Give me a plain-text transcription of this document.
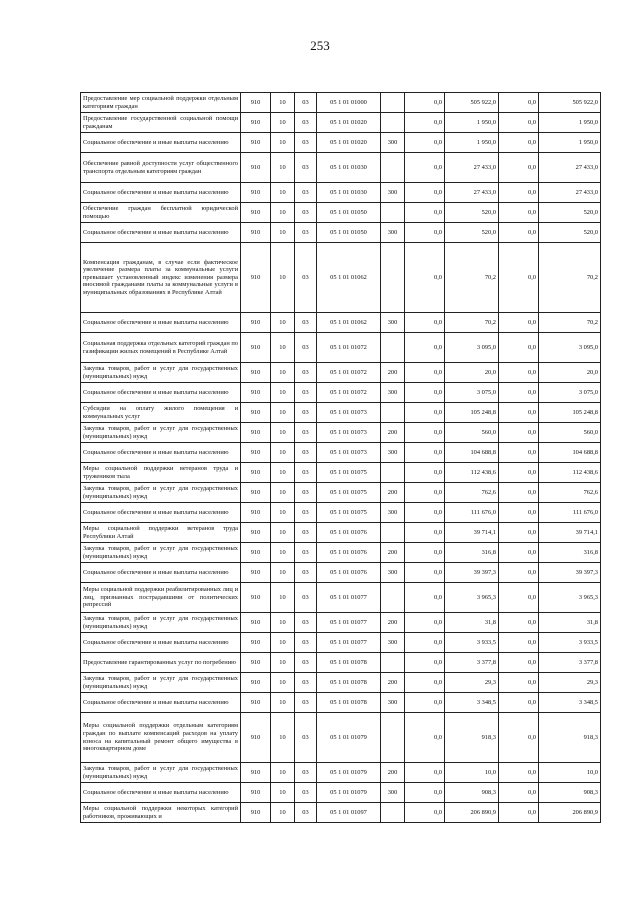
253
Предоставление мер социальной поддержки отдельным категориям граждан	910	10	03	05 1 01 01000		0,0	505 922,0	0,0	505 922,0
Предоставление государственной социальной помощи гражданам	910	10	03	05 1 01 01020		0,0	1 950,0	0,0	1 950,0
Социальное обеспечение и иные выплаты населению	910	10	03	05 1 01 01020	300	0,0	1 950,0	0,0	1 950,0
Обеспечение равной доступности услуг общественного транспорта отдельным категориям граждан	910	10	03	05 1 01 01030		0,0	27 433,0	0,0	27 433,0
Социальное обеспечение и иные выплаты населению	910	10	03	05 1 01 01030	300	0,0	27 433,0	0,0	27 433,0
Обеспечение граждан бесплатной юридической помощью	910	10	03	05 1 01 01050		0,0	520,0	0,0	520,0
Социальное обеспечение и иные выплаты населению	910	10	03	05 1 01 01050	300	0,0	520,0	0,0	520,0
Компенсация гражданам, в случае если фактическое увеличение размера платы за коммунальные услуги превышает установленный индекс изменения размера вносимой гражданами платы за коммунальные услуги в муниципальных образованиях в Республике Алтай	910	10	03	05 1 01 01062		0,0	70,2	0,0	70,2
Социальное обеспечение и иные выплаты населению	910	10	03	05 1 01 01062	300	0,0	70,2	0,0	70,2
Социальная поддержка отдельных категорий граждан по газификации жилых помещений в Республике Алтай	910	10	03	05 1 01 01072		0,0	3 095,0	0,0	3 095,0
Закупка товаров, работ и услуг для государственных (муниципальных) нужд	910	10	03	05 1 01 01072	200	0,0	20,0	0,0	20,0
Социальное обеспечение и иные выплаты населению	910	10	03	05 1 01 01072	300	0,0	3 075,0	0,0	3 075,0
Субсидии на оплату жилого помещения и коммунальных услуг	910	10	03	05 1 01 01073		0,0	105 248,8	0,0	105 248,8
Закупка товаров, работ и услуг для государственных (муниципальных) нужд	910	10	03	05 1 01 01073	200	0,0	560,0	0,0	560,0
Социальное обеспечение и иные выплаты населению	910	10	03	05 1 01 01073	300	0,0	104 688,8	0,0	104 688,8
Меры социальной поддержки ветеранов труда и тружеников тыла	910	10	03	05 1 01 01075		0,0	112 438,6	0,0	112 438,6
Закупка товаров, работ и услуг для государственных (муниципальных) нужд	910	10	03	05 1 01 01075	200	0,0	762,6	0,0	762,6
Социальное обеспечение и иные выплаты населению	910	10	03	05 1 01 01075	300	0,0	111 676,0	0,0	111 676,0
Меры социальной поддержки ветеранов труда Республики Алтай	910	10	03	05 1 01 01076		0,0	39 714,1	0,0	39 714,1
Закупка товаров, работ и услуг для государственных (муниципальных) нужд	910	10	03	05 1 01 01076	200	0,0	316,8	0,0	316,8
Социальное обеспечение и иные выплаты населению	910	10	03	05 1 01 01076	300	0,0	39 397,3	0,0	39 397,3
Меры социальной поддержки реабилитированных лиц и лиц, признанных пострадавшими от политических репрессий	910	10	03	05 1 01 01077		0,0	3 965,3	0,0	3 965,3
Закупка товаров, работ и услуг для государственных (муниципальных) нужд	910	10	03	05 1 01 01077	200	0,0	31,8	0,0	31,8
Социальное обеспечение и иные выплаты населению	910	10	03	05 1 01 01077	300	0,0	3 933,5	0,0	3 933,5
Предоставление гарантированных услуг по погребению	910	10	03	05 1 01 01078		0,0	3 377,8	0,0	3 377,8
Закупка товаров, работ и услуг для государственных (муниципальных) нужд	910	10	03	05 1 01 01078	200	0,0	29,3	0,0	29,3
Социальное обеспечение и иные выплаты населению	910	10	03	05 1 01 01078	300	0,0	3 348,5	0,0	3 348,5
Меры социальной поддержки отдельным категориям граждан по выплате компенсаций расходов на уплату взноса на капитальный ремонт общего имущества в многоквартирном доме	910	10	03	05 1 01 01079		0,0	918,3	0,0	918,3
Закупка товаров, работ и услуг для государственных (муниципальных) нужд	910	10	03	05 1 01 01079	200	0,0	10,0	0,0	10,0
Социальное обеспечение и иные выплаты населению	910	10	03	05 1 01 01079	300	0,0	908,3	0,0	908,3
Меры социальной поддержки некоторых категорий работников, проживающих и	910	10	03	05 1 01 01097		0,0	206 890,9	0,0	206 890,9
